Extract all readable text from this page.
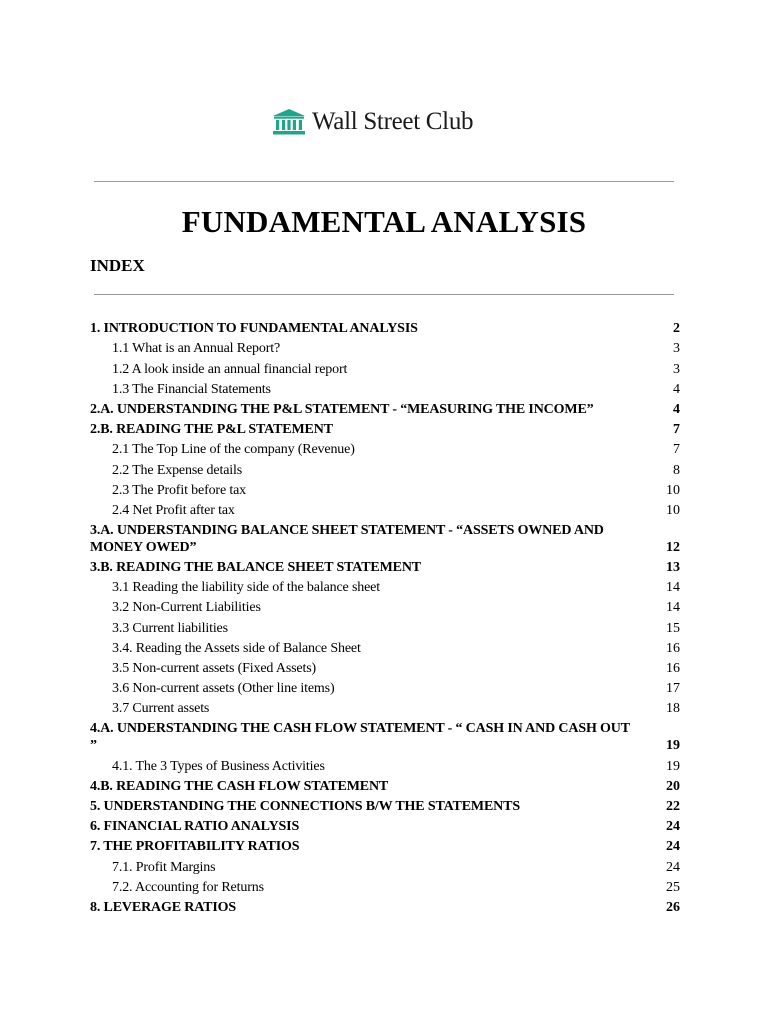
Wall Street Club
FUNDAMENTAL ANALYSIS
INDEX
1. INTRODUCTION TO FUNDAMENTAL ANALYSIS	2
1.1 What is an Annual Report?	3
1.2 A look inside an annual financial report	3
1.3 The Financial Statements	4
2.A. UNDERSTANDING THE P&L STATEMENT - “MEASURING THE INCOME”	4
2.B. READING THE P&L STATEMENT	7
2.1 The Top Line of the company (Revenue)	7
2.2 The Expense details	8
2.3 The Profit before tax	10
2.4 Net Profit after tax	10
3.A. UNDERSTANDING BALANCE SHEET STATEMENT - “ASSETS OWNED AND MONEY OWED”	12
3.B. READING THE BALANCE SHEET STATEMENT	13
3.1 Reading the liability side of the balance sheet	14
3.2 Non-Current Liabilities	14
3.3 Current liabilities	15
3.4. Reading the Assets side of Balance Sheet	16
3.5 Non-current assets (Fixed Assets)	16
3.6 Non-current assets (Other line items)	17
3.7 Current assets	18
4.A. UNDERSTANDING THE CASH FLOW STATEMENT - “ CASH IN AND CASH OUT ”	19
4.1. The 3 Types of Business Activities	19
4.B. READING THE CASH FLOW STATEMENT	20
5. UNDERSTANDING THE CONNECTIONS B/W THE STATEMENTS	22
6. FINANCIAL RATIO ANALYSIS	24
7. THE PROFITABILITY RATIOS	24
7.1. Profit Margins	24
7.2. Accounting for Returns	25
8. LEVERAGE RATIOS	26
